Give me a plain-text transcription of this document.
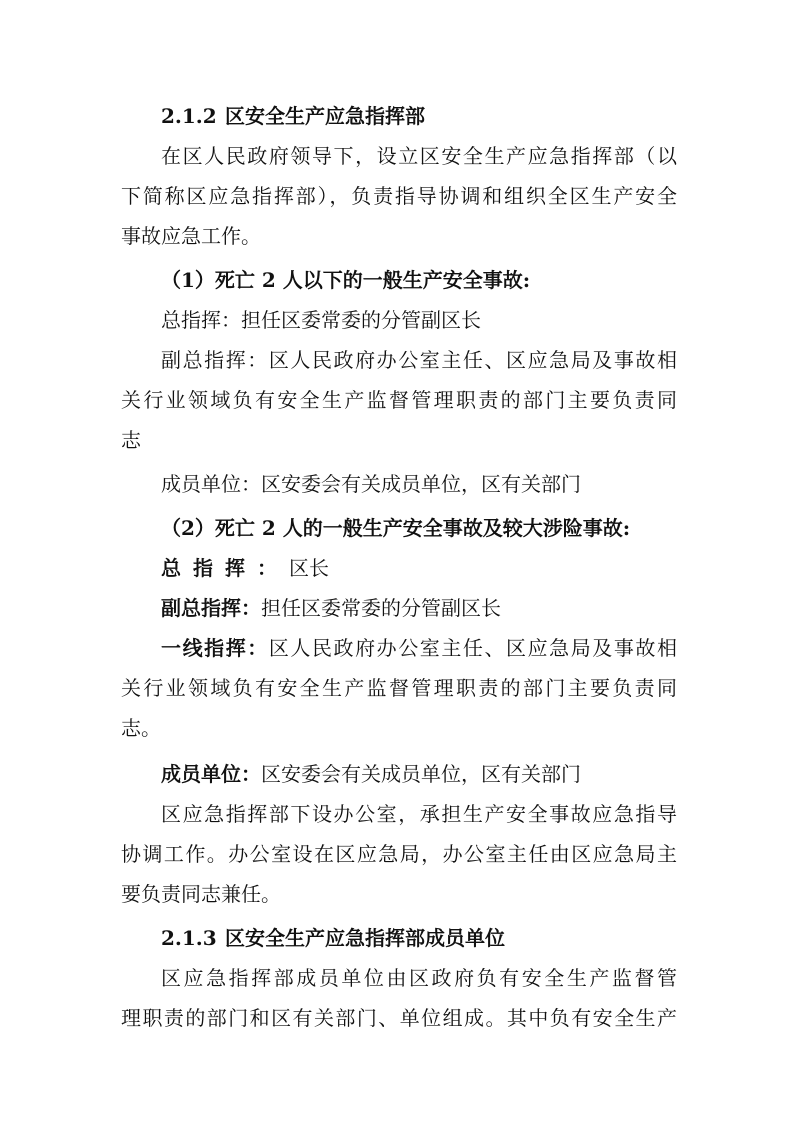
2.1.2 区安全生产应急指挥部
在区人民政府领导下，设立区安全生产应急指挥部（以
下简称区应急指挥部），负责指导协调和组织全区生产安全
事故应急工作。
（1）死亡 2 人以下的一般生产安全事故:
总指挥：担任区委常委的分管副区长
副总指挥：区人民政府办公室主任、区应急局及事故相
关行业领域负有安全生产监督管理职责的部门主要负责同
志
成员单位：区安委会有关成员单位，区有关部门
（2）死亡 2 人的一般生产安全事故及较大涉险事故:
总指挥：区长
副总指挥：担任区委常委的分管副区长
一线指挥：区人民政府办公室主任、区应急局及事故相
关行业领域负有安全生产监督管理职责的部门主要负责同
志。
成员单位：区安委会有关成员单位，区有关部门
区应急指挥部下设办公室，承担生产安全事故应急指导
协调工作。办公室设在区应急局，办公室主任由区应急局主
要负责同志兼任。
2.1.3 区安全生产应急指挥部成员单位
区应急指挥部成员单位由区政府负有安全生产监督管
理职责的部门和区有关部门、单位组成。其中负有安全生产
